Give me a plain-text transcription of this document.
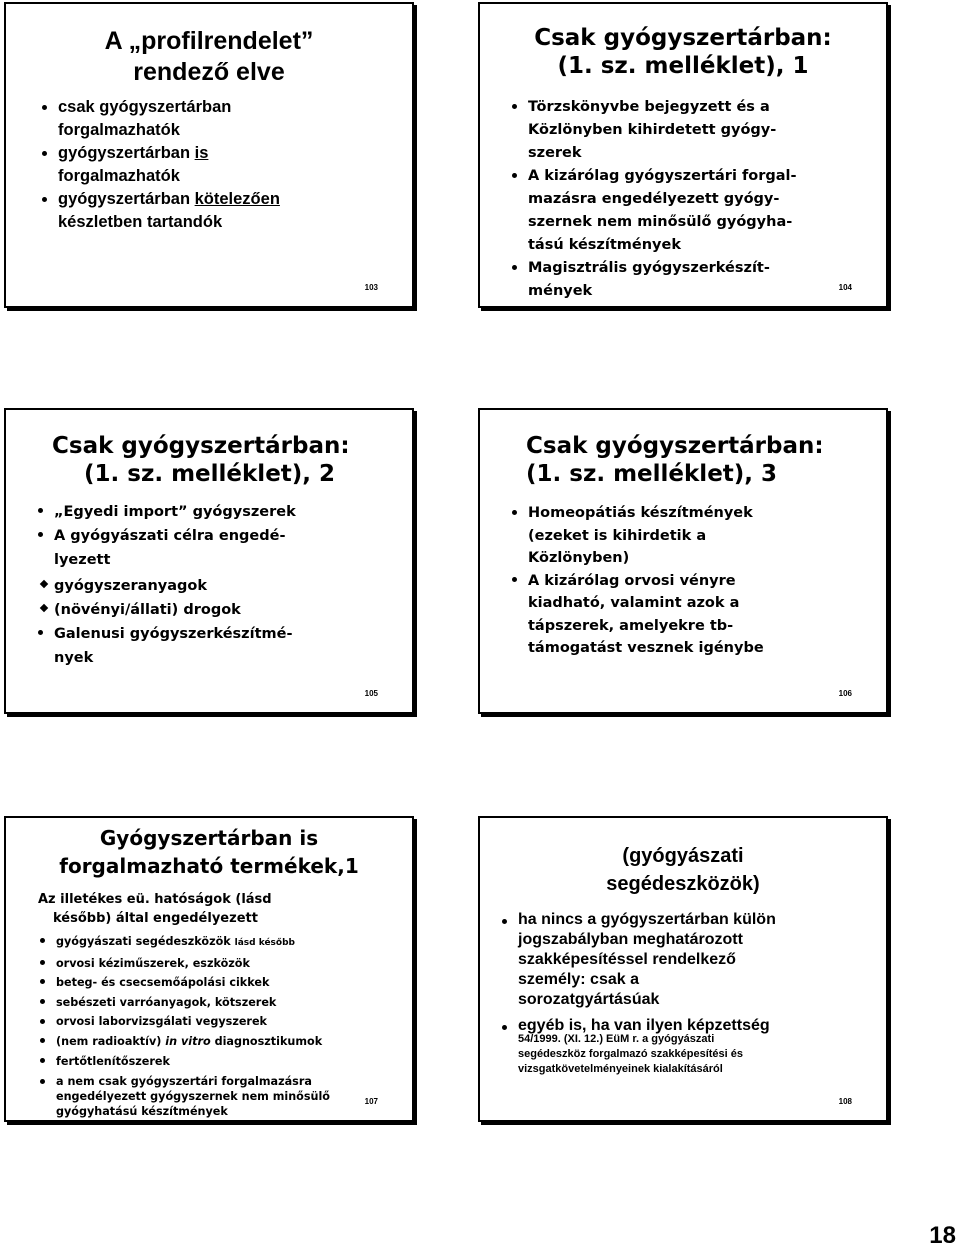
A „profilrendelet”
rendező elve
csak gyógyszertárban
forgalmazhatók
gyógyszertárban is
forgalmazhatók
gyógyszertárban kötelezően
készletben tartandók
103
Csak gyógyszertárban:
(1. sz. melléklet), 1
Törzskönyvbe bejegyzett és a
Közlönyben kihirdetett gyógy-
szerek
A kizárólag gyógyszertári forgal-
mazásra engedélyezett gyógy-
szernek nem minősülő gyógyha-
tású készítmények
Magisztrális gyógyszerkészít-
mények	104
Csak gyógyszertárban:
(1. sz. melléklet), 2
„Egyedi import” gyógyszerek
A gyógyászati célra engedé-
lyezett
gyógyszeranyagok
(növényi/állati) drogok
Galenusi gyógyszerkészítmé-
nyek
105
Csak gyógyszertárban:
(1. sz. melléklet), 3
Homeopátiás készítmények
(ezeket is kihirdetik a
Közlönyben)
A kizárólag orvosi vényre
kiadható, valamint azok a
tápszerek, amelyekre tb-
támogatást vesznek igénybe
106
Gyógyszertárban is
forgalmazható termékek,1
Az illetékes eü. hatóságok (lásd
később) által engedélyezett
gyógyászati segédeszközök lásd később
orvosi kéziműszerek, eszközök
beteg- és csecsemőápolási cikkek
sebészeti varróanyagok, kötszerek
orvosi laborvizsgálati vegyszerek
(nem radioaktív) in vitro diagnosztikumok
fertőtlenítőszerek
a nem csak gyógyszertári forgalmazásra
engedélyezett gyógyszernek nem minősülő
gyógyhatású készítmények
107
(gyógyászati
segédeszközök)
ha nincs a gyógyszertárban külön
jogszabályban meghatározott
szakképesítéssel rendelkező
személy: csak a
sorozatgyártásúak
egyéb is, ha van ilyen képzettség
54/1999. (XI. 12.) EüM r. a gyógyászati
segédeszköz forgalmazó szakképesítési és
vizsgatkövetelményeinek kialakításáról
108
18
